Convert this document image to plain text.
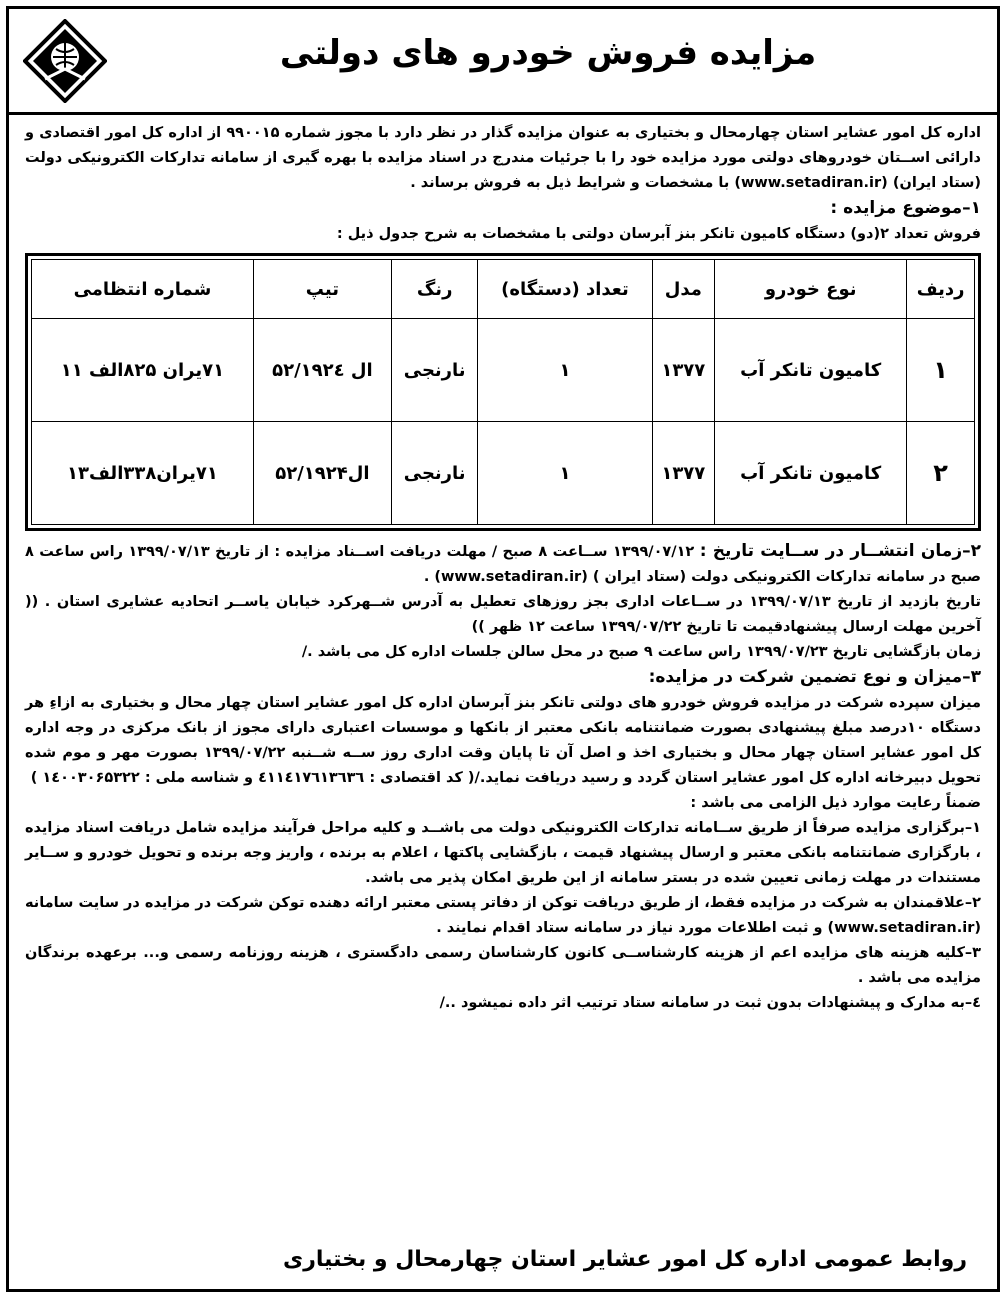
مزایده فروش خودرو های دولتی

اداره کل امور عشایر استان چهارمحال و بختیاری به عنوان مزایده گذار در نظر دارد با مجوز شماره ۹۹۰۰۱۵ از اداره کل امور اقتصادی و دارائی اســتان خودروهای دولتی مورد مزایده خود را با جرئیات مندرج در اسناد مزایده با بهره گیری از سامانه تدارکات الکترونیکی دولت (ستاد ایران) (www.setadiran.ir) با مشخصات و شرایط ذیل به فروش برساند .

۱–موضوع مزایده :

فروش تعداد ۲(دو) دستگاه کامیون تانکر بنز آبرسان دولتی با مشخصات به شرح جدول ذیل :

ردیف	نوع خودرو	مدل	تعداد (دستگاه)	رنگ	تیپ	شماره انتظامی
۱	کامیون تانکر آب	۱۳۷۷	۱	نارنجی	ال ۵۲/۱۹۲٤	۷۱یران ۸۲۵الف ۱۱
۲	کامیون تانکر آب	۱۳۷۷	۱	نارنجی	ال۵۲/۱۹۲۴	۷۱یران۳۳۸الف۱۳

۲–زمان انتشــار در ســایت تاریخ : ۱۳۹۹/۰۷/۱۲ ســاعت ۸ صبح / مهلت دریافت اســناد مزایده : از تاریخ ۱۳۹۹/۰۷/۱۳ راس ساعت ۸ صبح در سامانه تدارکات الکترونیکی دولت (ستاد ایران ) (www.setadiran.ir) .

تاریخ بازدید از تاریخ ۱۳۹۹/۰۷/۱۳ در ســاعات اداری بجز روزهای تعطیل به آدرس شــهرکرد خیابان یاســر اتحادیه عشایری استان . (( آخرین مهلت ارسال پیشنهادقیمت تا تاریخ ۱۳۹۹/۰۷/۲۲ ساعت ۱۲ ظهر ))

زمان بازگشایی تاریخ ۱۳۹۹/۰۷/۲۳ راس ساعت ۹ صبح در محل سالن جلسات اداره کل می باشد ./

۳–میزان و نوع تضمین شرکت در مزایده:

میزان سپرده شرکت در مزایده فروش خودرو های دولتی تانکر بنز آبرسان اداره کل امور عشایر استان چهار محال و بختیاری به ازاءِ هر دستگاه ۱۰درصد مبلغ پیشنهادی بصورت ضمانتنامه بانکی معتبر از بانکها و موسسات اعتباری دارای مجوز از بانک مرکزی در وجه اداره کل امور عشایر استان چهار محال و بختیاری اخذ و اصل آن تا پایان وقت اداری روز ســه شــنبه ۱۳۹۹/۰۷/۲۲ بصورت مهر و موم شده تحویل دبیرخانه اداره کل امور عشایر استان گردد و رسید دریافت نماید./( کد اقتصادی : ٤١١٤١٧٦١٣٦٣٦ و شناسه ملی : ۱٤۰۰۳۰۶۵۳۲۲ )

ضمناً رعایت موارد ذیل الزامی می باشد :

۱–برگزاری مزایده صرفاً از طریق ســامانه تدارکات الکترونیکی دولت می باشــد و کلیه مراحل فرآیند مزایده شامل دریافت اسناد مزایده ، بارگزاری ضمانتنامه بانکی معتبر و ارسال پیشنهاد قیمت ، بازگشایی پاکتها ، اعلام به برنده ، واریز وجه برنده و تحویل خودرو و ســایر مستندات در مهلت زمانی تعیین شده در بستر سامانه از این طریق امکان پذیر می باشد.

۲–علاقمندان به شرکت در مزایده فقط، از طریق دریافت توکن از دفاتر پستی معتبر ارائه دهنده توکن شرکت در مزایده در سایت سامانه (www.setadiran.ir) و ثبت اطلاعات مورد نیاز در سامانه ستاد اقدام نمایند .

۳–کلیه هزینه های مزایده اعم از هزینه کارشناســی کانون کارشناسان رسمی دادگستری ، هزینه روزنامه رسمی و... برعهده برندگان مزایده می باشد .

٤–به مدارک و پیشنهادات بدون ثبت در سامانه ستاد ترتیب اثر داده نمیشود ../

روابط عمومی اداره کل امور عشایر استان چهارمحال و بختیاری
